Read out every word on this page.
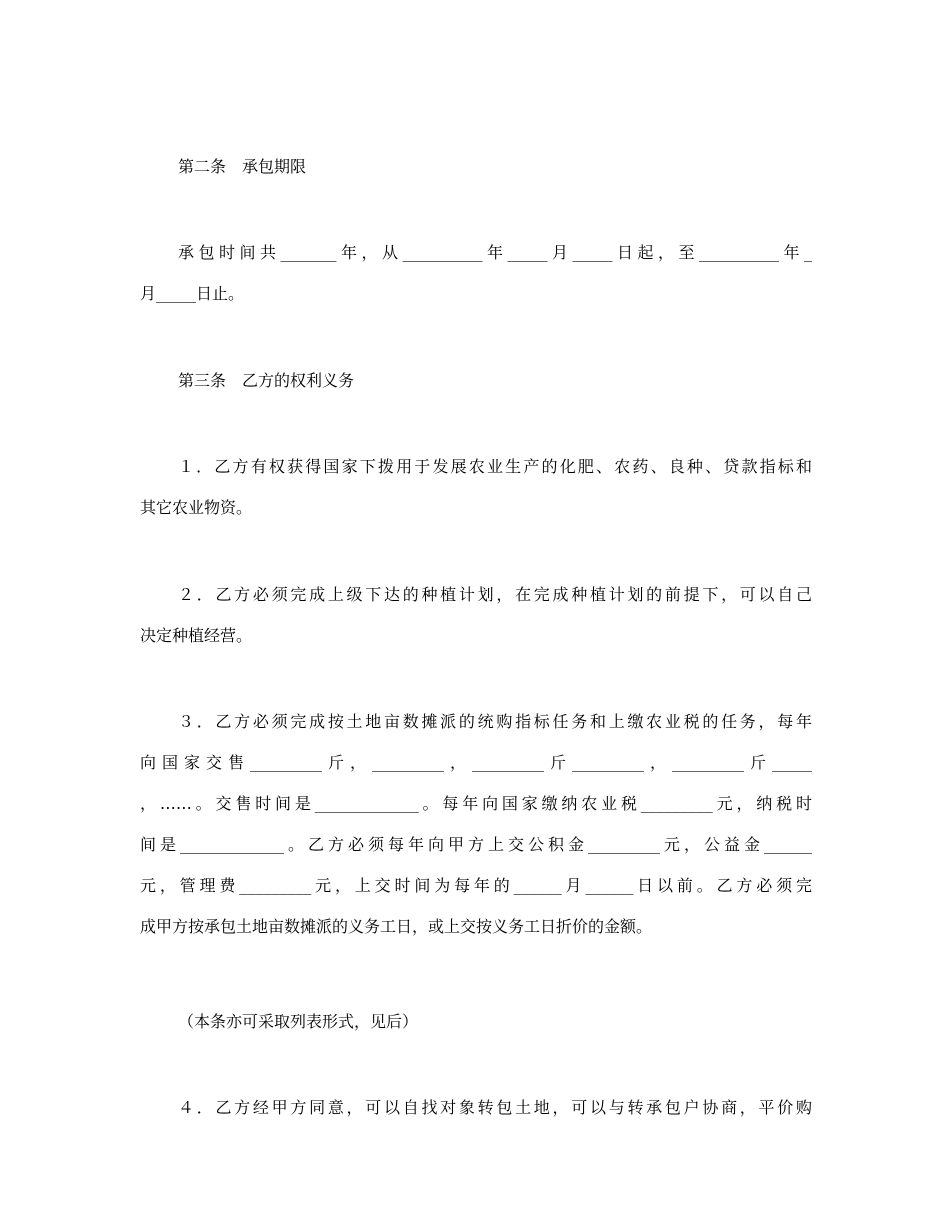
第二条　承包期限

承包时间共_______年，从__________年_____月_____日起，至__________年_
月_____日止。

第三条　乙方的权利义务

１．乙方有权获得国家下拨用于发展农业生产的化肥、农药、良种、贷款指标和
其它农业物资。

２．乙方必须完成上级下达的种植计划，在完成种植计划的前提下，可以自己
决定种植经营。

３．乙方必须完成按土地亩数摊派的统购指标任务和上缴农业税的任务，每年
向国家交售_________斤，_________，_________斤_________，_________斤_____
，……。交售时间是_____________。每年向国家缴纳农业税_________元，纳税时
间是_____________。乙方必须每年向甲方上交公积金_________元，公益金______
元，管理费_________元，上交时间为每年的______月______日以前。乙方必须完
成甲方按承包土地亩数摊派的义务工日，或上交按义务工日折价的金额。

（本条亦可采取列表形式，见后）

４．乙方经甲方同意，可以自找对象转包土地，可以与转承包户协商，平价购
